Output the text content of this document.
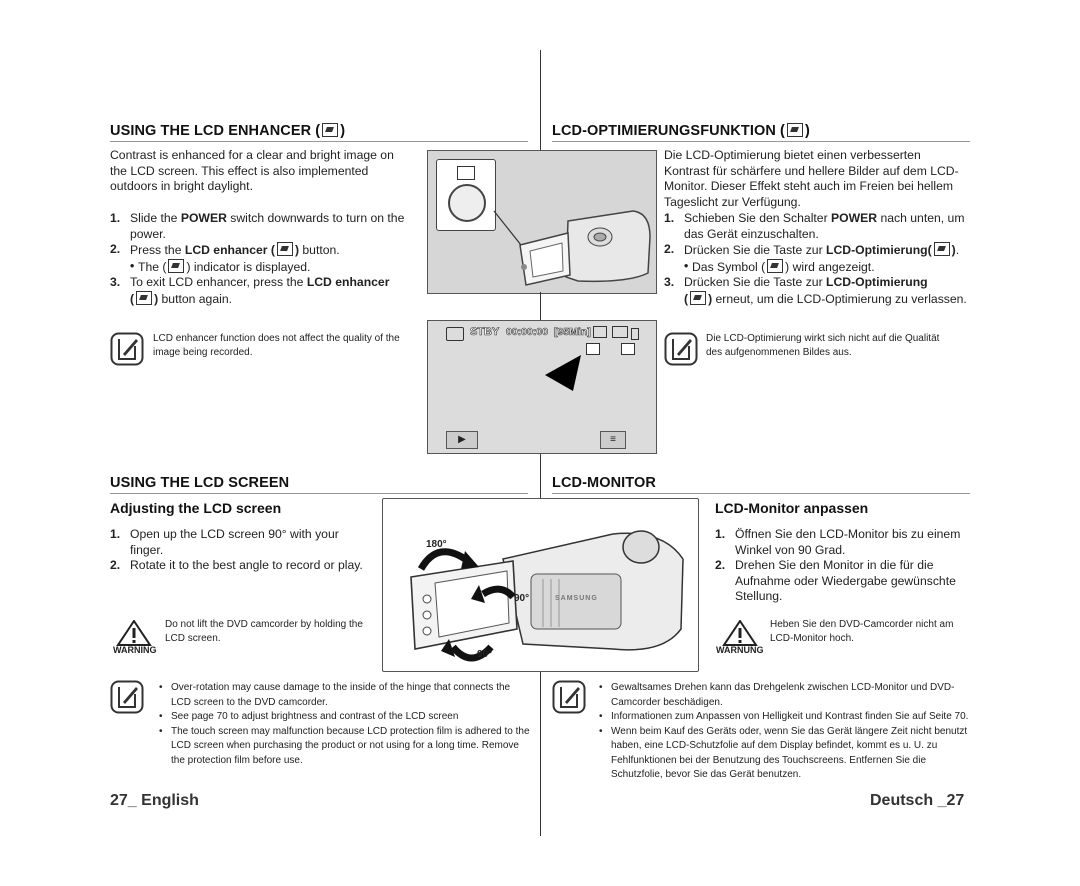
USING THE LCD ENHANCER ( )
Contrast is enhanced for a clear and bright image on the LCD screen. This effect is also implemented outdoors in bright daylight.
1. Slide the POWER switch downwards to turn on the power.
2. Press the LCD enhancer ( ) button.
• The ( ) indicator is displayed.
3. To exit LCD enhancer, press the LCD enhancer
( ) button again.
LCD enhancer function does not affect the quality of the image being recorded.
USING THE LCD SCREEN
Adjusting the LCD screen
1. Open up the LCD screen 90° with your finger.
2. Rotate it to the best angle to record or play.
WARNING
Do not lift the DVD camcorder by holding the LCD screen.
• Over-rotation may cause damage to the inside of the hinge that connects the LCD screen to the DVD camcorder.
• See page 70 to adjust brightness and contrast of the LCD screen
• The touch screen may malfunction because LCD protection film is adhered to the LCD screen when purchasing the product or not using for a long time. Remove the protection film before use.
27_ English
LCD-OPTIMIERUNGSFUNKTION ( )
Die LCD-Optimierung bietet einen verbesserten Kontrast für schärfere und hellere Bilder auf dem LCD-Monitor. Dieser Effekt steht auch im Freien bei hellem Tageslicht zur Verfügung.
1. Schieben Sie den Schalter POWER nach unten, um das Gerät einzuschalten.
2. Drücken Sie die Taste zur LCD-Optimierung( ).
• Das Symbol ( ) wird angezeigt.
3. Drücken Sie die Taste zur LCD-Optimierung
( ) erneut, um die LCD-Optimierung zu verlassen.
Die LCD-Optimierung wirkt sich nicht auf die Qualität des aufgenommenen Bildes aus.
LCD-MONITOR
LCD-Monitor anpassen
1. Öffnen Sie den LCD-Monitor bis zu einem Winkel von 90 Grad.
2. Drehen Sie den Monitor in die für die Aufnahme oder Wiedergabe gewünschte Stellung.
WARNUNG
Heben Sie den DVD-Camcorder nicht am LCD-Monitor hoch.
• Gewaltsames Drehen kann das Drehgelenk zwischen LCD-Monitor und DVD-Camcorder beschädigen.
• Informationen zum Anpassen von Helligkeit und Kontrast finden Sie auf Seite 70.
• Wenn beim Kauf des Geräts oder, wenn Sie das Gerät längere Zeit nicht benutzt haben, eine LCD-Schutzfolie auf dem Display befindet, kommt es u. U. zu Fehlfunktionen bei der Benutzung des Touchscreens. Entfernen Sie die Schutzfolie, bevor Sie das Gerät benutzen.
Deutsch _27
STBY 00:00:00 [95Min]
▶	≡
180°
90°
90°
SAMSUNG
